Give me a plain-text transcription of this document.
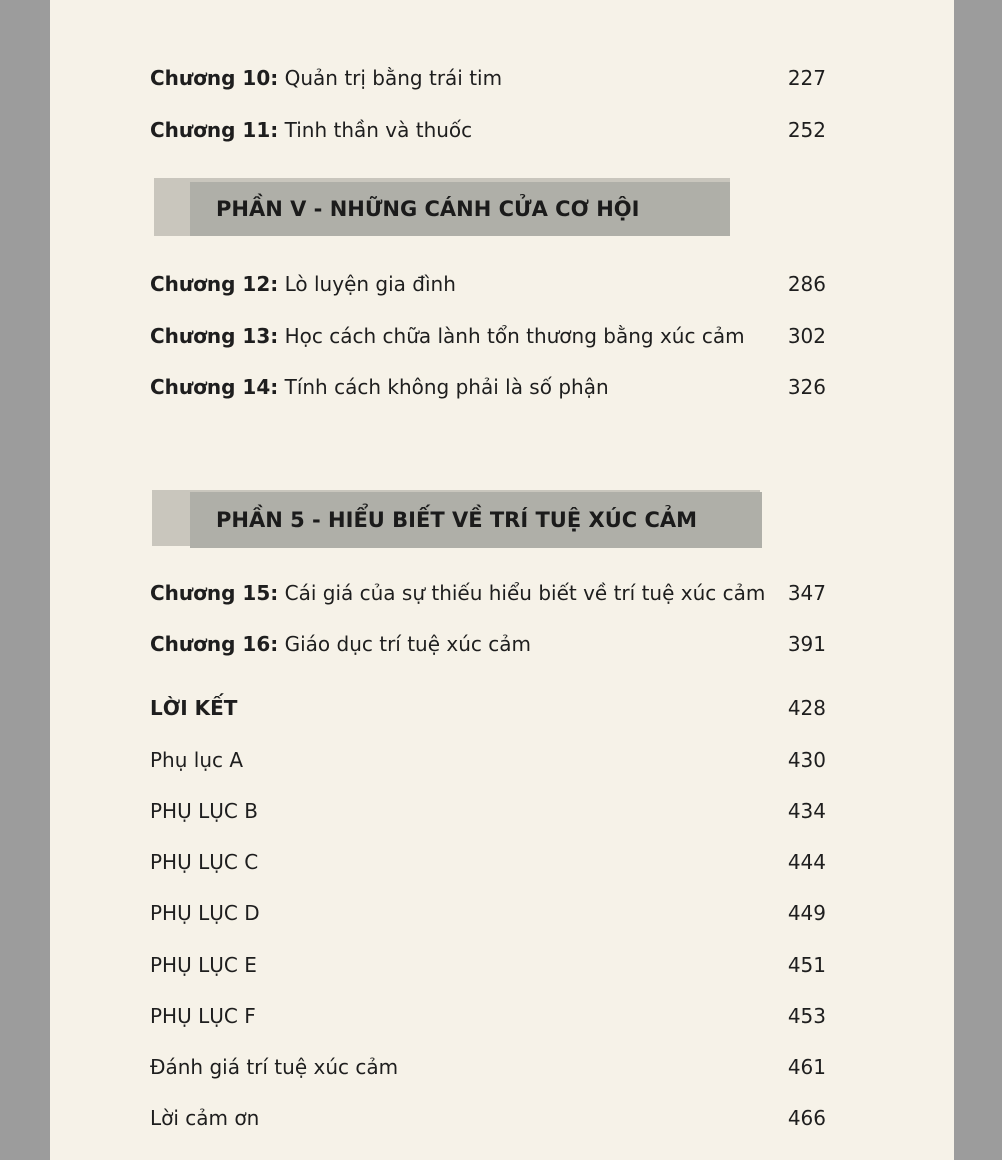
Chương 10: Quản trị bằng trái tim	227
Chương 11: Tinh thần và thuốc	252
PHẦN V - NHỮNG CÁNH CỬA CƠ HỘI
Chương 12: Lò luyện gia đình	286
Chương 13: Học cách chữa lành tổn thương bằng xúc cảm 302
Chương 14: Tính cách không phải là số phận	326
PHẦN 5 - HIỂU BIẾT VỀ TRÍ TUỆ XÚC CẢM
Chương 15: Cái giá của sự thiếu hiểu biết về trí tuệ xúc cảm 347
Chương 16: Giáo dục trí tuệ xúc cảm	391
LỜI KẾT	428
Phụ lục A	430
PHỤ LỤC B	434
PHỤ LỤC C	444
PHỤ LỤC D	449
PHỤ LỤC E	451
PHỤ LỤC F	453
Đánh giá trí tuệ xúc cảm	461
Lời cảm ơn	466
